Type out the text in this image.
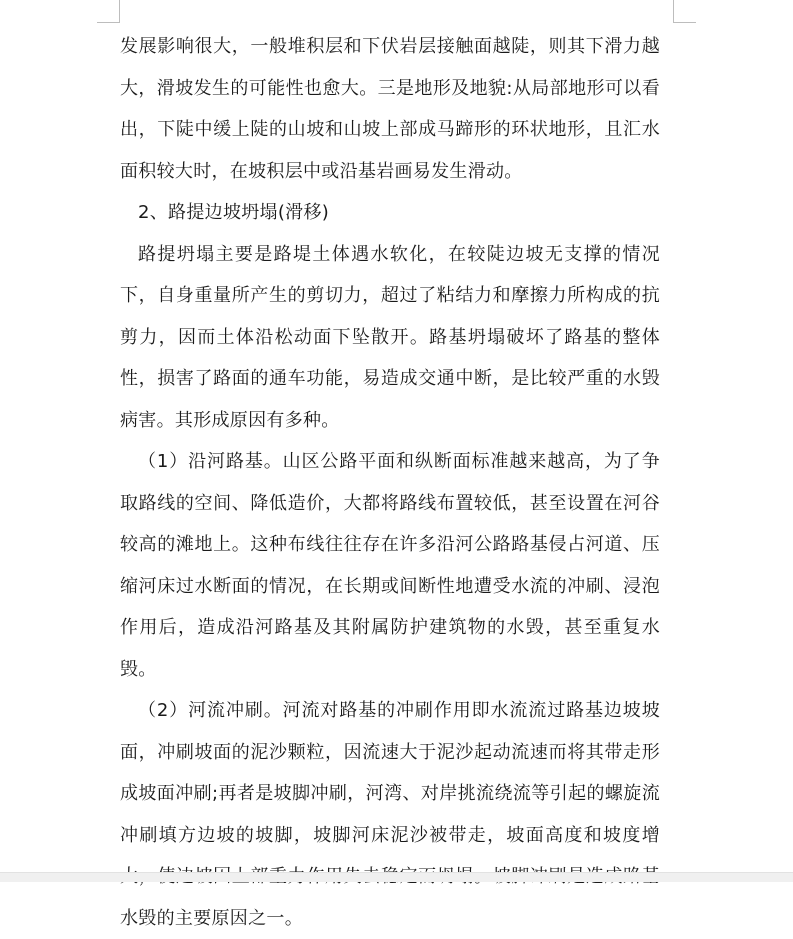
发展影响很大，一般堆积层和下伏岩层接触面越陡，则其下滑力越大，滑坡发生的可能性也愈大。三是地形及地貌:从局部地形可以看出，下陡中缓上陡的山坡和山坡上部成马蹄形的环状地形，且汇水面积较大时，在坡积层中或沿基岩画易发生滑动。

2、路提边坡坍塌(滑移)

路提坍塌主要是路堤土体遇水软化，在较陡边坡无支撑的情况下，自身重量所产生的剪切力，超过了粘结力和摩擦力所构成的抗剪力，因而土体沿松动面下坠散开。路基坍塌破坏了路基的整体性，损害了路面的通车功能，易造成交通中断，是比较严重的水毁病害。其形成原因有多种。

（1）沿河路基。山区公路平面和纵断面标准越来越高，为了争取路线的空间、降低造价，大都将路线布置较低，甚至设置在河谷较高的滩地上。这种布线往往存在许多沿河公路路基侵占河道、压缩河床过水断面的情况，在长期或间断性地遭受水流的冲刷、浸泡作用后，造成沿河路基及其附属防护建筑物的水毁，甚至重复水毁。

（2）河流冲刷。河流对路基的冲刷作用即水流流过路基边坡坡面，冲刷坡面的泥沙颗粒，因流速大于泥沙起动流速而将其带走形成坡面冲刷;再者是坡脚冲刷，河湾、对岸挑流绕流等引起的螺旋流冲刷填方边坡的坡脚，坡脚河床泥沙被带走，坡面高度和坡度增 水毁的主要原因之一。
